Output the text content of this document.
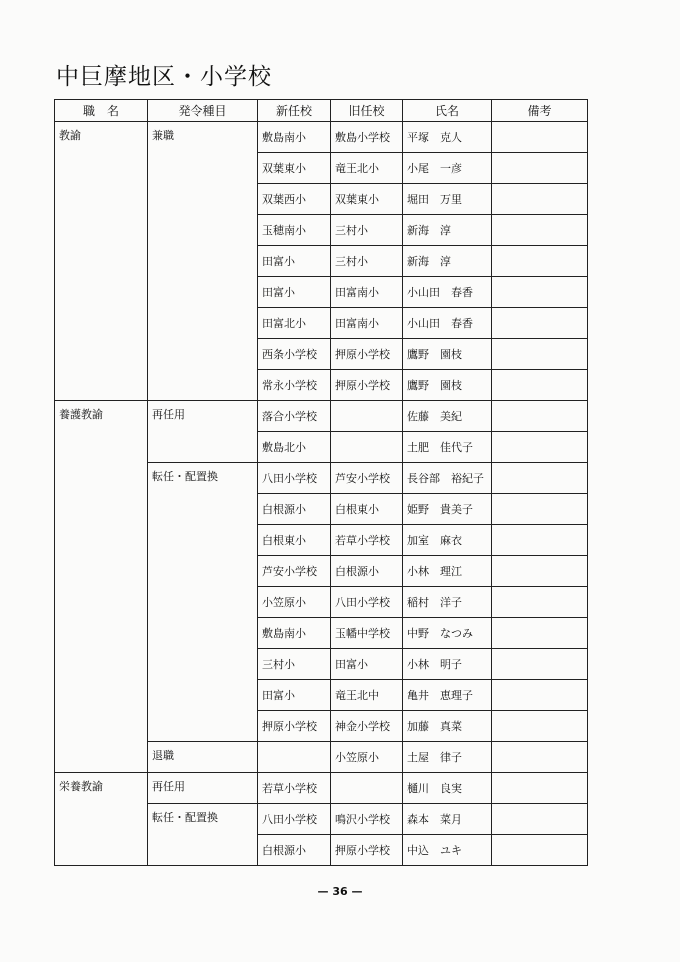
中巨摩地区・小学校
職　名	発令種目	新任校	旧任校	氏名	備考

教諭	兼職	敷島南小	敷島小学校	平塚　克人	

		双葉東小	竜王北小	小尾　一彦	

		双葉西小	双葉東小	堀田　万里	

		玉穂南小	三村小	新海　淳	

		田富小	三村小	新海　淳	

		田富小	田富南小	小山田　春香	

		田富北小	田富南小	小山田　春香	

		西条小学校	押原小学校	鷹野　園枝	

		常永小学校	押原小学校	鷹野　園枝	

養護教諭	再任用	落合小学校		佐藤　美紀	

		敷島北小		土肥　佳代子	

	転任・配置換	八田小学校	芦安小学校	長谷部　裕紀子	

		白根源小	白根東小	姫野　貴美子	

		白根東小	若草小学校	加室　麻衣	

		芦安小学校	白根源小	小林　理江	

		小笠原小	八田小学校	稲村　洋子	

		敷島南小	玉幡中学校	中野　なつみ	

		三村小	田富小	小林　明子	

		田富小	竜王北中	亀井　恵理子	

		押原小学校	神金小学校	加藤　真菜	

	退職		小笠原小	土屋　律子	

栄養教諭	再任用	若草小学校		樋川　良実	

	転任・配置換	八田小学校	鳴沢小学校	森本　菜月	

		白根源小	押原小学校	中込　ユキ	

— 36 —
